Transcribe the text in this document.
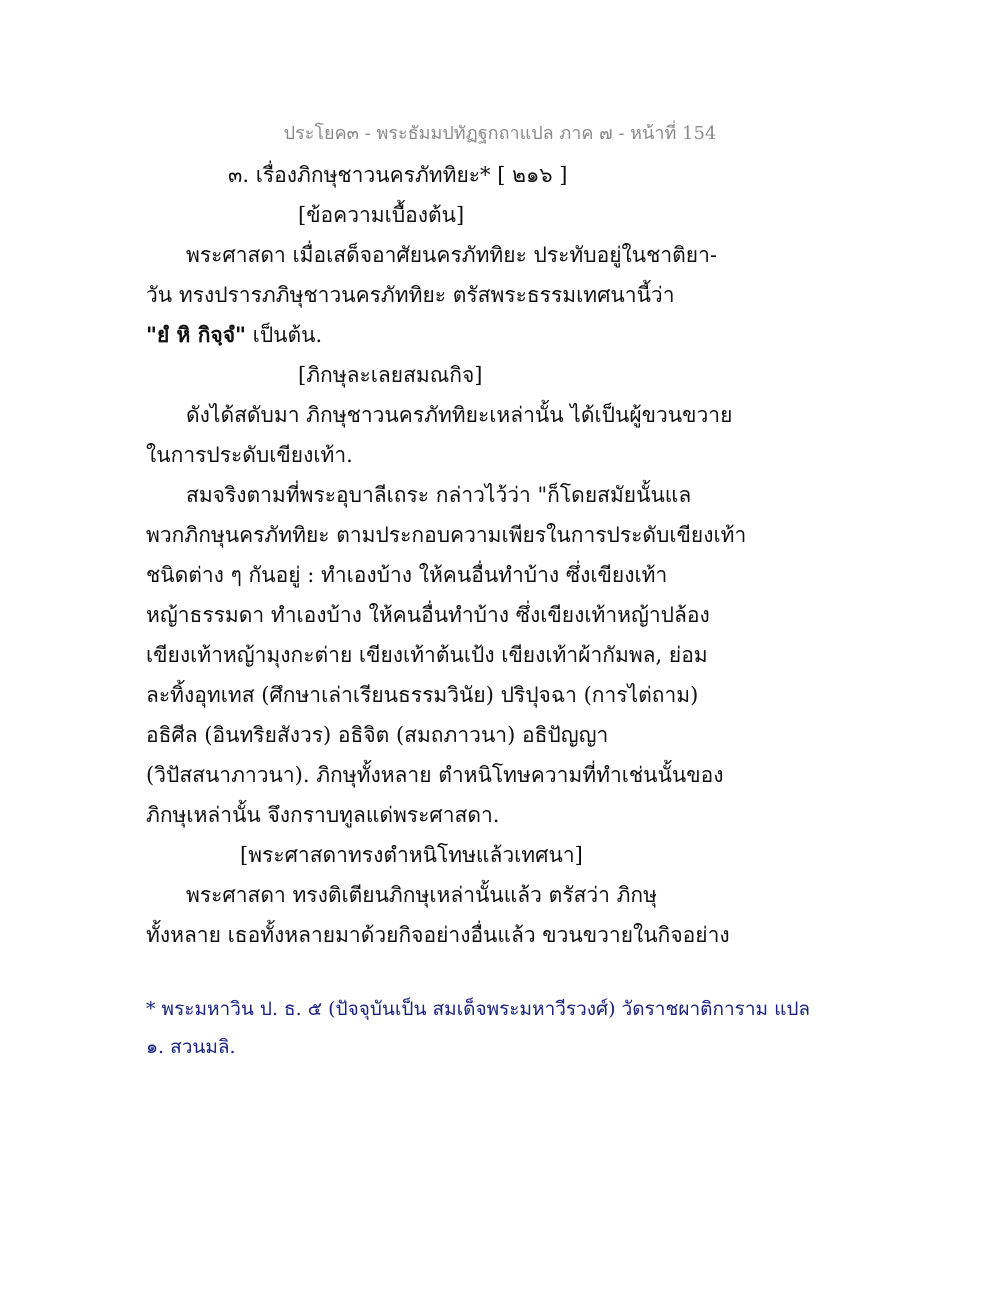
ประโยค๓ - พระธัมมปทัฏฐกถาแปล ภาค ๗ - หน้าที่ 154
๓. เรื่องภิกษุชาวนครภัททิยะ* [ ๒๑๖ ]
[ข้อความเบื้องต้น]
พระศาสดา เมื่อเสด็จอาศัยนครภัททิยะ ประทับอยู่ในชาติยา-
วัน ทรงปรารภภิษุชาวนครภัททิยะ ตรัสพระธรรมเทศนานี้ว่า
"ยํ หิ กิจฺจํ" เป็นต้น.
[ภิกษุละเลยสมณกิจ]
ดังได้สดับมา ภิกษุชาวนครภัททิยะเหล่านั้น ได้เป็นผู้ขวนขวาย
ในการประดับเขียงเท้า.
สมจริงตามที่พระอุบาลีเถระ กล่าวไว้ว่า "ก็โดยสมัยนั้นแล
พวกภิกษุนครภัททิยะ ตามประกอบความเพียรในการประดับเขียงเท้า
ชนิดต่าง ๆ กันอยู่ : ทำเองบ้าง ให้คนอื่นทำบ้าง ซึ่งเขียงเท้า
หญ้าธรรมดา ทำเองบ้าง ให้คนอื่นทำบ้าง ซึ่งเขียงเท้าหญ้าปล้อง
เขียงเท้าหญ้ามุงกะต่าย เขียงเท้าต้นเป้ง เขียงเท้าผ้ากัมพล, ย่อม
ละทิ้งอุทเทส (ศึกษาเล่าเรียนธรรมวินัย) ปริปุจฉา (การไต่ถาม)
อธิศีล (อินทริยสังวร) อธิจิต (สมถภาวนา) อธิปัญญา
(วิปัสสนาภาวนา). ภิกษุทั้งหลาย ตำหนิโทษความที่ทำเช่นนั้นของ
ภิกษุเหล่านั้น จึงกราบทูลแด่พระศาสดา.
[พระศาสดาทรงตำหนิโทษแล้วเทศนา]
พระศาสดา ทรงติเตียนภิกษุเหล่านั้นแล้ว ตรัสว่า ภิกษุ
ทั้งหลาย เธอทั้งหลายมาด้วยกิจอย่างอื่นแล้ว ขวนขวายในกิจอย่าง
* พระมหาวิน ป. ธ. ๕ (ปัจจุบันเป็น สมเด็จพระมหาวีรวงศ์) วัดราชผาติการาม แปล
๑. สวนมลิ.
